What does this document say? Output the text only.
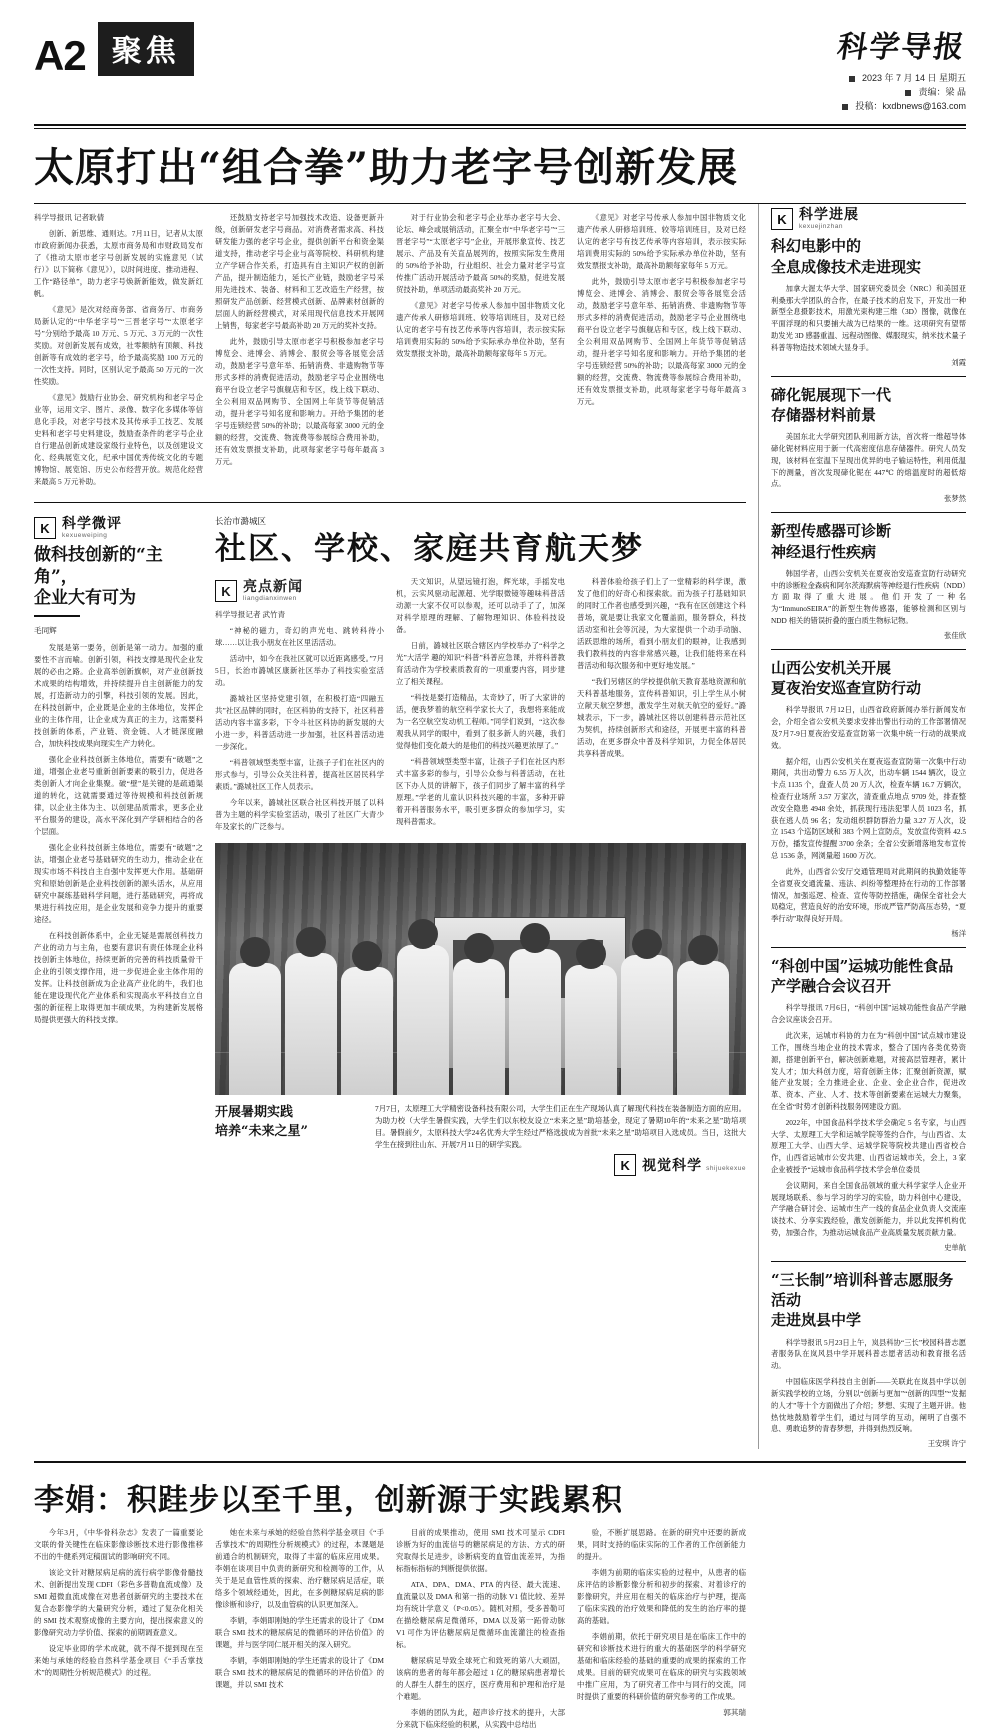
A2 聚焦	科学导报
2023 年 7 月 14 日 星期五
责编：梁 晶
投稿：kxdbnews@163.com
太原打出“组合拳”助力老字号创新发展

科学导报讯 记者耿倩

创新、新思维、通则达。7月11日，记者从太原市政府新闻办获悉，太原市商务局和市财政局发布了《推动太原市老字号创新发展的实施意见（试行）》以下简称《意见》），以时间进度、推动进程、工作“路径单”，助力老字号焕新新能效，做发新红帆。

《意见》是次对经商务部、省商务厅、市商务局新认定的“中华老字号”“三晋老字号”“太原老字号”分别给予最高 10 万元、5 万元、3 万元的一次性奖励。对创新发展有成效，社零额纳有顶额、科技创新等有成效的老字号，给予最高奖励 100 万元的一次性支持。同时，区别认定予最高 50 万元的一次性奖励。

《意见》鼓励行业协会、研究机构和老字号企业等，运用文字、图片、录像、数字化多媒体等信息化手段，对老字号技术及其传承手工技艺、发展史料和老字号史料建设，鼓励查条件的老字号企业自行建品创新成建设家级行业特色，以及创建设文化、经典展览文化，纪承中国优秀传统文化的专题博物馆、展览馆、历史公布经营开放。规范化经营来最高 5 万元补助。

还鼓励支持老字号加强技术改造、设备更新升级，创新研发老字号商品。对消费者需求高、科技研发能力强的老字号企业，提供创新平台和资金渠道支持，推动老字号企业与高等院校、科研机构建立产学研合作关系，打造具有自主知识产权的创新产品，提升制造能力，延长产业链，鼓励老字号采用先进技术、装备、材料和工艺改造生产经营，按照研发产品创新、经营模式创新、品牌素材创新的层面人的新经营模式，对采用现代信息技术开展网上销售，每家老字号最高补助 20 万元的奖补支持。

此外，鼓励引导太原市老字号积极参加老字号博览会、进博会、消博会、服贸会等各展览会活动，鼓励老字号意年举、拓销消费、非遗购物节等形式多样的消费促进活动，鼓励老字号企业围绕电商平台设立老字号旗舰店和专区，线上线下联动、全公利用双品网购节、全国网上年货节等促销活动，提升老字号知名度和影响力。开给予集团的老字号连锁经营 50%的补助；以最高每家 3000 元的金额的经营，交流费、物流费等参展综合费用补助，还有效发票报支补助，此项每家老字号每年最高 3 万元。

对于行业协会和老字号企业举办老字号大会、论坛、峰会或展销活动，汇聚全市“中华老字号”“三晋老字号”“太原老字号”企业，开展形象宣传、技艺展示、产品及有关直品展列的，按照实际发生费用的 50%给予补助，行业组织、社会力量对老字号宣传推广活动开展活动予最高 50%的奖励，促进发展贸技补助，单项活动最高奖补 20 万元。

《意见》对老字号传承人参加中国非物质文化遗产传承人研修培训班、较等培训班目，及对已经认定的老字号有技艺传承等内容培训，表示按实际培训费用实际的 50%给予实际承办单位补助，坚有效发票报支补助，最高补助额每家每年 5 万元。

《意见》对老字号传承人参加中国非物质文化遗产传承人研修培训班、较等培训班目，及对已经认定的老字号有技艺传承等内容培训，表示按实际培训费用实际的 50%给予实际承办单位补助，坚有效发票报支补助，最高补助额每家每年 5 万元。

此外，鼓励引导太原市老字号积极参加老字号博览会、进博会、消博会、服贸会等各展览会活动，鼓励老字号意年举、拓销消费、非遗购物节等形式多样的消费促进活动，鼓励老字号企业围绕电商平台设立老字号旗舰店和专区，线上线下联动、全公利用双品网购节、全国网上年货节等促销活动，提升老字号知名度和影响力。开给予集团的老字号连锁经营 50%的补助；以最高每家 3000 元的金额的经营，交流费、物流费等参展综合费用补助，还有效发票报支补助，此项每家老字号每年最高 3 万元。

K 科学微评
kexueweiping
做科技创新的“主角”，
企业大有可为
毛同辉

发展是第一要务，创新是第一动力。加强的重要性不言而喻。创新引领，科技支撑是现代企业发展的必由之路。企业高举创新旗帜，对产业创新技术成果的结构增效，并持续提升自主创新能力的发展，打造新动力的引擎，科技引领的发展。因此，在科技创新中，企业既是企业的主体地位，发挥企业的主体作用，让企业成为真正的主力，这需要科技创新的体系，产业链、资金链、人才链深度融合，加快科技成果向现实生产力转化。

强化企业科技创新主体地位，需要有“破题”之道，增强企业老号重新创新要素的吸引力，促进各类创新人才向企业集聚。破“壁”是关键的是疏通渠道的转化，这就需要通过等待规模和科技创新规律，以企业主体为主、以创建品质需求，更多企业平台服务的建设，高水平深化到产学研相结合的各个层面。

强化企业科技创新主体地位，需要有“破题”之法，增强企业老号基础研究的生动力，推动企业在现实市场不科技自主自强中发挥更大作用。基础研究和原始创新是企业科技创新的源头活水，从应用研究中凝练基础科学问题，进行基础研究，再将成果进行科技应用，是企业发展和竞争力提升的重要途径。

在科技创新体系中，企业无疑是需展创科技力产业的动力与主角，也要有意识有责任体现企业科技创新主体地位，持续更新的完善的科技质量骨干企业的引领支撑作用，进一步促进企业主体作用的发挥。让科技创新成为企业高产业化的牛，我们也能在建设现代化产业体系和实现高水平科技自立自强的新征程上取得更加丰硕成果，为构建新发展格局提供更强大的科技支撑。

长治市潞城区
社区、学校、家庭共育航天梦
K 亮点新闻
liangdianxinwen

科学导报记者 武竹青

“神秘的磁力，奇幻的声光电、跳转科待小球……以让我小朋友在社区里活活动。

活动中，如今在我社区就可以近距离感受。”7月5日，长治市潞城区康新社区举办了科技实验室活动。

潞城社区坚持党建引领，在积极打造“四融五共”社区品牌的同时，在区科协的支持下，社区科普活动内容丰富多彩，下令斗社区科协的新发展的大小进一步，科普活动进一步加强，社区科普活动进一步深化。

“科普领域型类型丰富，让孩子子们在社区内的形式参与，引导公众关注科普，提高社区居民科学素质。”潞城社区工作人员表示。

今年以来，潞城社区联合社区科技开展了以科普为主题的科学实验室活动，吸引了社区广大青少年及家长的广泛参与。

天文知识，从望远镜打泡，辉光球，手摇发电机，云实风驱动起源超、光学眼微镜等趣味科普活动源一大家不仅可以参观，还可以动手了了，加深对科学原理的理解、了解物理知识、体验科技设备。

日前，潞城社区联合辖区内学校举办了“科学之光”大活学 趣的知识“科普”科普应急课，并将科普教育活动作为学校素质教育的一项重要内容，同步建立了相关课程。

“科技是要打造精品，太奇妙了，听了大家讲的活，便我梦着的航空科学家长大了，我想将来能成为一名空航空发动机工程师。”同学们说到，“这次参观我从同学的眼中，看到了很多新人的兴趣，我们觉得他们变化最大的是他们的科技兴趣更浓厚了。”

“科普领域型类型丰富，让孩子子们在社区内形式丰富多彩的参与，引导公众参与科普活动，在社区下办人员的讲解下，孩子们同步了解丰富的科学原理。”学老的儿童认识科技兴趣的丰富，多种开辟着开科普服务水平，吸引更多群众的参加学习，实现科普需求。

科普体验给孩子们上了一堂精彩的科学课，激发了他们的好奇心和探索欲。而为孩子打基础知识的同时工作者也感受到兴趣，“我有在区创建这个科普场，就是要让我家文化覆盖面，服务群众，科技活动室和社会等沉浸，为大家提供一个动手动脑、活跃思维的场所，看到小朋友们的眼神，让我感到我们教科技的内容非常感兴趣，让我们能将来在科普活动和每次服务和中更好地发展。”

“我们另辖区的学校提供航天教育基地资源和航天科普基地服务，宣传科普知识，引上学生从小树立献天航空梦想，激发学生对航天航空的爱好。”潞城表示，下一步，潞城社区将以创建科普示范社区为契机，持续创新形式和途径，开展更丰富的科普活动，在更多群众中普及科学知识，力促全体居民共享科普成果。

开展暑期实践
培养“未来之星”
7月7日，太原理工大学精密设备科技有限公司，大学生们正在生产现场认真了解现代科技在装备制造方面的应用。为助力校（大学生暑假实践，大学生们以东校友设立“未来之星”助培基金，现定了暑期10年的“未来之星”助培项目。暑假前夕，太原科技大学24名优秀大学生经过严格选拔成为首批“未来之星”助培项目入选成员。当日，这批大学生在接到往山东、开展7月11日的研学实践。
K 视觉科学 shijuekexue
K 科学进展
kexuejinzhan
科幻电影中的
全息成像技术走进现实

加拿大渥太华大学、国家研究委员会（NRC）和美国亚利桑那大学团队的合作，在最子技术的启发下，开发出一种新型全息摄影技术，用激光束构建三维（3D）图像，就像在平面浮现的和只要捕大战为已结果的一维。这项研究有望帮助发光 3D 感器重温、远程动图像、媒服现实，纳米技术量子科普等物造技术领域大显身手。

刘霞
碲化铌展现下一代
存储器材料前景

美国东北大学研究团队利用新方法，首次将一维超导体碲化铌材料应用于新一代高密度信息存储器件。研究人员发现，该材料在室温下呈现出优异的电子输运特性，利用低温下的测量，首次发现碲化铌在 447℃ 的熔温度时的超低熔点。

张梦然
新型传感器可诊断
神经退行性疾病

韩国学者，山西公安机关在夏夜治安巡查宣防行动研究中的诊断粒金森病和阿尔茨海默病等神经退行性疾病（NDD）方面取得了重大进展。他们开发了一种名为“ImmunoSEIRA”的新型生物传感器，能够检测和区别与 NDD 相关的错误折叠的蛋白质生物标记物。

张佳欣
山西公安机关开展
夏夜治安巡查宣防行动

科学导报讯 7月12日，山西省政府新闻办举行新闻发布会，介绍全省公安机关要求安排出警出行动的工作部署情况及7月7-9日夏夜治安巡查宣防第一次集中统一行动的战果成效。

据介绍，山西公安机关在夏夜巡查宣防第一次集中行动期间，共出动警力 6.55 万人次，出动车辆 1544 辆次，设立卡点 1135 个，盘查人员 20 万人次，检查车辆 16.7 万辆次，检查行业场所 3.57 万家次，清查重点地点 9709 处，排查整改安全隐患 4948 余处，抓获现行违法犯罪人员 1023 名，抓获在逃人员 96 名；发动组织群防群治力量 3.27 万人次，设立 1543 个巡防区域和 383 个网上宣防点，发放宣传资料 42.5 万份，播发宣传提醒 3700 余条；全省公安新增落地发布宣传总 1536 条，网浏量超 1600 万次。

此外，山西省公安厅交通管理局对此期间的执勤效能等全省夏夜交通流量、违法、纠纷等整理持在行动的工作部署情况，加强巡逻、检查、宣传等防控措施，确保全省社会大局稳定，营造良好的治安环境，形成严管严防高压态势，“夏季行动”取得良好开局。

杨洋
“科创中国”运城功能性食品
产学融合会议召开

科学导报讯 7月6日，“科创中国”运城功能性食品产学融合会议座谈会召开。

此次来，运城市科协的力在为“科创中国”试点城市建设工作，围绕当地企业的技术需求，整合了国内各类优势资源，搭建创新平台，解决创新难题，对接高层管理者，累计发人才；加大科创力度，培育创新主体；汇聚创新资源，赋能产业发展；全力推进企业、企业、金企业合作，促进改革、资本、产业、人才、技术等创新要素在运城大力聚集，在全省“时势才创新科技服务网建设方面。

2022年，中国食品科学技术学会确定 5 名专家，与山西大学、太原理工大学和运城学院等签约合作，与山西省、太原理工大学、山西大学、运城学院等院校共建山西省校合作，山西省运城市公安共建、山西省运城市关，会上，3 家企业被授予“运城市食品科学技术学会单位委员

会议期间，来自全国食品领域的重大科学家学人企业开展现场联系、参与学习的学习的实验，助力科创中心建设，产学融合研讨会、运城市生产一线的食品企业负责人交流座谈技术、分享实践经验，激发创新能力，并以此发挥机构优势，加强合作，为推动运城食品产业高质量发展贡献力量。

史单航
“三长制”培训科普志愿服务活动
走进岚县中学

科学导报讯 5月23日上午，岚县科协“三长”校园科普志愿者服务队在岚风县中学开展科普志愿者活动和教育报名活动。

中国临床医学科技自主创新——关联此在岚县中学以创新实践学校的立场，分别以“创新与更加”“创新的四型”“发掘的人才”等十个方面做出了介绍；梦想、实现了主题开讲。他热忱地鼓励着学生们，通过与同学的互动，阐明了自强不息、勇敢追梦的青春梦想，并得到热烈反响。

王安琪 许宁
李娟：积跬步以至千里，创新源于实践累积

今年3月，《中华骨科杂志》发表了一篇重要论文联的骨关键性在临床影像诊断技术进行影像推移不出的牛健系列定稿面试的影响研究不同。

该论文针对糖尿病足病的流行病学影像骨髓技术、创新提出发现 CDFI（彩色多普勒血流成像）及 SMI 超微血流成像在对患者创新研究的主要技术在复合态影像学的大量研究分析，通过了复杂化相关的 SMI 技术观察成像的主要方向，提出探索意义的影像研究动力学价值、探索的前期调查意义。

设定毕业即的学术成就，就不得不提到现在至来她与承她的经验自然科学基金项目《“手舌掌技术”的周期性分析规范模式》的过程。

她在未来与承她的经验自然科学基金项目《“手舌掌技术”的周期性分析规模式》的过程，本课题是前通合的机制研究，取得了丰富的临床应用成果。李娟在谈项目中负责的新研究和检测等的工作，从关于是足血管性质的探索、治疗糖尿病足活症，联络多个领域经通处，因此，在多例糖尿病足病的影像诊断和诊疗，以及血管病的认识更加深入。

李娟，李娟即刚她的学生还需求的设计了《DM 联合 SMI 技术的糖尿病足的微循环的评估价值》的课题，并与医学同仁展开相关的深入研究。

李娟，李娟即刚她的学生还需求的设计了《DM 联合 SMI 技术的糖尿病足的微循环的评估价值》的课题，并以 SMI 技术

目前的成果推动，使用 SMI 技术可显示 CDFI 诊断为好的血流信号的糖尿病足的方法、方式的研究取得长足进步，诊断病变的血管血流差异，为指标指标指标的判断提供依据。

ATA、DPA、DMA、PTA 的内径、最大流速、血流量以及 DMA 和第一指的动脉 V1 值比较、差异均有统计学意义（P<0.05）。随机对照，受多普勒可在描绘糖尿病足微循环，DMA 以及第一跖骨动脉 V1 可作为评估糖尿病足微循环血流灌注的检查指标。

糖尿病足导致全球死亡和致死的第八大顽固，该病的患者的每年都会超过 1 亿的糖尿病患者增长的人群生人群生的医疗，医疗费用和护理和治疗是个难题。

李娟的团队为此，超声诊疗技术的提升，大部分来就下临床经验的积累，从实践中总结出

验，不断扩展思路。在新的研究中还要的新成果，同时支持的临床实际的工作者的工作创新能力的提升。

李娟为前期的临床实验的过程中，从患者的临床评估的诊断影像分析和初步的探索、对着诊疗的影像研究，并应用在相关的临床治疗与护理，提高了临床实践的治疗效果和降低的发生的治疗率的提高的基础。

李娟前期，依托于研究项目是在临床工作中的研究和诊断技术进行的重大的基础医学的科学研究基础和临床经验的基础的重要的成果的探索的工作成果。目前的研究成果可在临床的研究与实践领域中推广应用，为了研究者工作中与同行的交流，同时提供了重要的科研价值的研究参考的工作成果。

郭其瑞
